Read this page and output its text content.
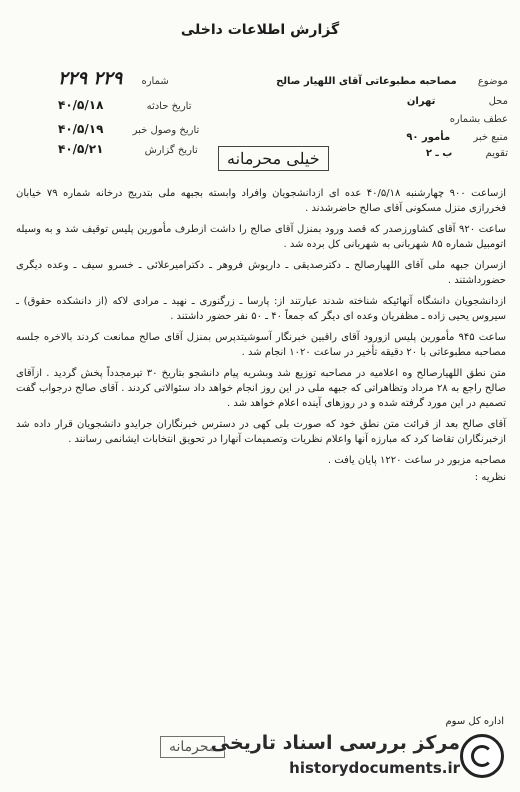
گزارش اطلاعات داخلی
۲۲۹ ۲۲۹ شماره
۴۰/۵/۱۸	تاریخ حادثه
۴۰/۵/۱۹	تاریخ وصول خبر
۴۰/۵/۲۱	تاریخ گزارش
موضوع مصاحبه مطبوعاتی آقای اللهیار صالح
محل تهران
عطف بشماره
منبع خبر مأمور ۹۰
تقویم ب ـ ۲
خیلی محرمانه

ازساعت ۹۰۰ چهارشنبه ۴۰/۵/۱۸ عده ای ازدانشجویان وافراد وابسته بجبهه ملی بتدریج درخانه شماره ۷۹ خیابان فخررازی منزل مسکونی آقای صالح حاضرشدند .

ساعت ۹۲۰ آقای کشاورزصدر که قصد ورود بمنزل آقای صالح را داشت ازطرف مأمورین پلیس توقیف شد و به وسیله اتومبیل شماره ۸۵ شهربانی به شهربانی کل برده شد .

ازسران جبهه ملی آقای اللهیارصالح ـ دکترصدیقی ـ داریوش فروهر ـ دکترامیرعلائی ـ خسرو سیف ـ وعده دیگری حضورداشتند .

ازدانشجویان دانشگاه آنهائیکه شناخته شدند عبارتند از: پارسا ـ زرگنوری ـ نهید ـ مرادی لاکه (از دانشکده حقوق) ـ سیروس یحیی زاده ـ مظفریان وعده ای دیگر که جمعاً ۴۰ ـ ۵۰ نفر حضور داشتند .

ساعت ۹۴۵ مأمورین پلیس ازورود آقای راقبین خبرنگار آسوشیتدپرس بمنزل آقای صالح ممانعت کردند بالاخره جلسه مصاحبه مطبوعاتی با ۲۰ دقیقه تأخیر در ساعت ۱۰۲۰ انجام شد .

متن نطق اللهیارصالح وه اعلامیه در مصاحبه توزیع شد وبشریه پیام دانشجو بتاریخ ۳۰ تیرمجدداً پخش گردید . ازآقای صالح راجع به ۲۸ مرداد وتظاهراتی که جبهه ملی در این روز انجام خواهد داد سئوالاتی کردند . آقای صالح درجواب گفت تصمیم در این مورد گرفته شده و در روزهای آینده اعلام خواهد شد .

آقای صالح بعد از قرائت متن نطق خود که صورت بلی کهی در دسترس خبرنگاران جرایدو دانشجویان قرار داده شد ازخبرنگاران تقاضا کرد که مبارزه آنها واعلام نظریات وتصمیمات آنهارا در تحویق انتخابات ایشانمی رسانند .

مصاحبه مزبور در ساعت ۱۲۲۰ پایان یافت .

نظریه :

اداره کل سوم
محرمانه
مرکز بررسی اسناد تاریخی
historydocuments.ir
